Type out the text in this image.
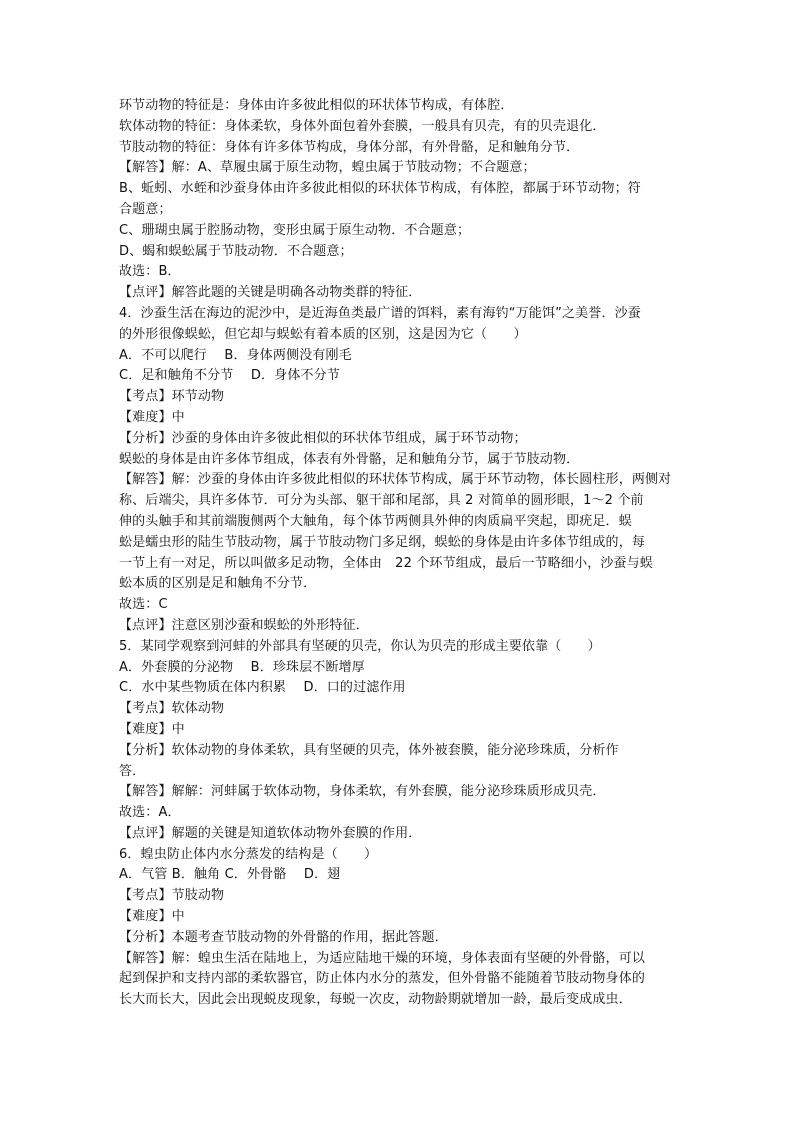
环节动物的特征是：身体由许多彼此相似的环状体节构成，有体腔．
软体动物的特征：身体柔软，身体外面包着外套膜，一般具有贝壳，有的贝壳退化．
节肢动物的特征：身体有许多体节构成，身体分部，有外骨骼，足和触角分节．
【解答】解：A、草履虫属于原生动物，蝗虫属于节肢动物；不合题意；
B、蚯蚓、水蛭和沙蚕身体由许多彼此相似的环状体节构成，有体腔，都属于环节动物；符
合题意；
C、珊瑚虫属于腔肠动物，变形虫属于原生动物．不合题意；
D、蝎和蜈蚣属于节肢动物．不合题意；
故选：B．
【点评】解答此题的关键是明确各动物类群的特征．
4．沙蚕生活在海边的泥沙中，是近海鱼类最广谱的饵料，素有海钓“万能饵”之美誉．沙蚕
的外形很像蜈蚣，但它却与蜈蚣有着本质的区别，这是因为它（　　）
A．不可以爬行　 B．身体两侧没有刚毛
C．足和触角不分节　 D．身体不分节
【考点】环节动物
【难度】中
【分析】沙蚕的身体由许多彼此相似的环状体节组成，属于环节动物；
蜈蚣的身体是由许多体节组成，体表有外骨骼，足和触角分节，属于节肢动物．
【解答】解：沙蚕的身体由许多彼此相似的环状体节构成，属于环节动物，体长圆柱形，两侧对
称、后端尖，具许多体节．可分为头部、躯干部和尾部，具 2 对简单的圆形眼，1～2 个前
伸的头触手和其前端腹侧两个大触角，每个体节两侧具外伸的肉质扁平突起，即疣足．蜈
蚣是蠕虫形的陆生节肢动物，属于节肢动物门多足纲，蜈蚣的身体是由许多体节组成的，每
一节上有一对足，所以叫做多足动物，全体由　22 个环节组成，最后一节略细小，沙蚕与蜈
蚣本质的区别是足和触角不分节．
故选：C
【点评】注意区别沙蚕和蜈蚣的外形特征．
5．某同学观察到河蚌的外部具有坚硬的贝壳，你认为贝壳的形成主要依靠（　　）
A．外套膜的分泌物　 B．珍珠层不断增厚
C．水中某些物质在体内积累　 D．口的过滤作用
【考点】软体动物
【难度】中
【分析】软体动物的身体柔软，具有坚硬的贝壳，体外被套膜，能分泌珍珠质，分析作
答．
【解答】解解：河蚌属于软体动物，身体柔软，有外套膜，能分泌珍珠质形成贝壳．
故选：A．
【点评】解题的关键是知道软体动物外套膜的作用．
6．蝗虫防止体内水分蒸发的结构是（　　）
A．气管 B．触角 C．外骨骼　 D．翅
【考点】节肢动物
【难度】中
【分析】本题考查节肢动物的外骨骼的作用，据此答题．
【解答】解：蝗虫生活在陆地上，为适应陆地干燥的环境，身体表面有坚硬的外骨骼，可以
起到保护和支持内部的柔软器官，防止体内水分的蒸发，但外骨骼不能随着节肢动物身体的
长大而长大，因此会出现蜕皮现象，每蜕一次皮，动物龄期就增加一龄，最后变成成虫．
